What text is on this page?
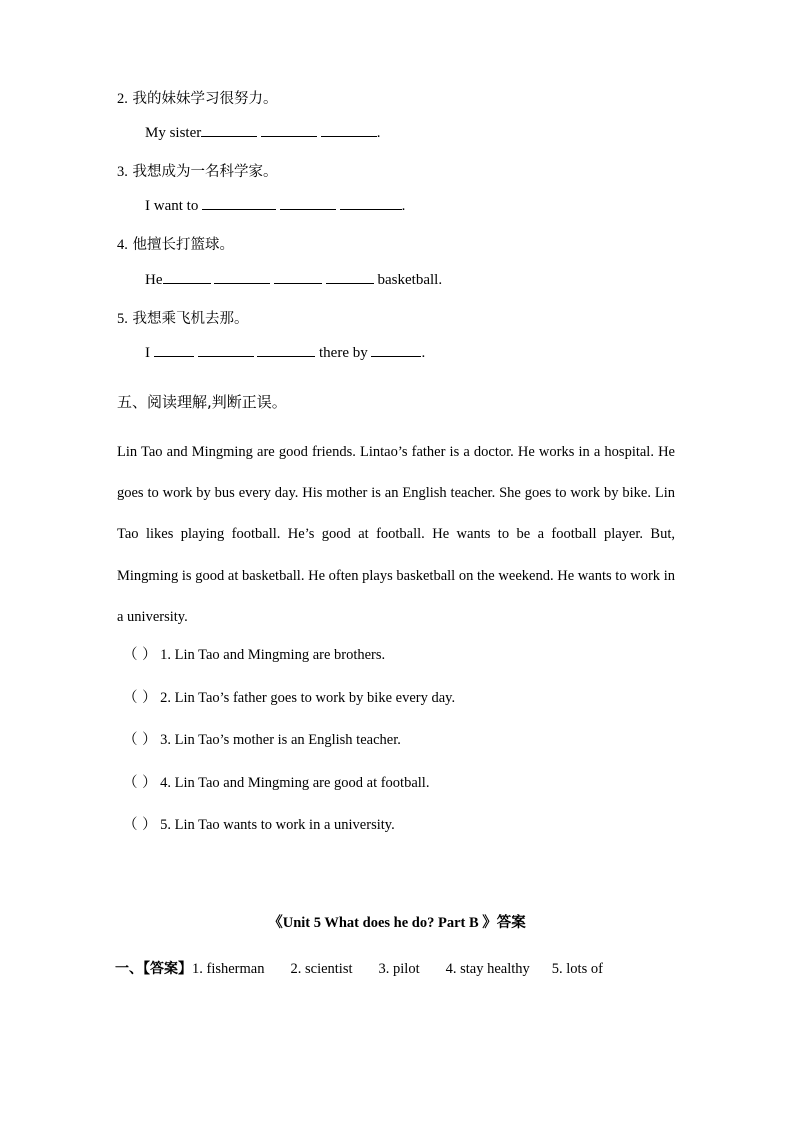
2. 我的妹妹学习很努力。
My sister	.
3. 我想成为一名科学家。
I want to	.
4. 他擅长打篮球。
He	basketball.
5. 我想乘飞机去那。
I	there by	.
五、阅读理解,判断正误。
Lin Tao and Mingming are good friends. Lintao’s father is a doctor. He works in a hospital. He goes to work by bus every day. His mother is an English teacher. She goes to work by bike. Lin Tao likes playing football. He’s good at football. He wants to be a football player. But, Mingming is good at basketball. He often plays basketball on the weekend. He wants to work in a university.
（ ） 1. Lin Tao and Mingming are brothers.
（ ） 2. Lin Tao’s father goes to work by bike every day.
（ ） 3. Lin Tao’s mother is an English teacher.
（ ） 4. Lin Tao and Mingming are good at football.
（ ） 5. Lin Tao wants to work in a university.
《Unit 5 What does he do? Part B 》答案
一、【答案】1. fisherman 2. scientist 3. pilot 4. stay healthy 5. lots of
